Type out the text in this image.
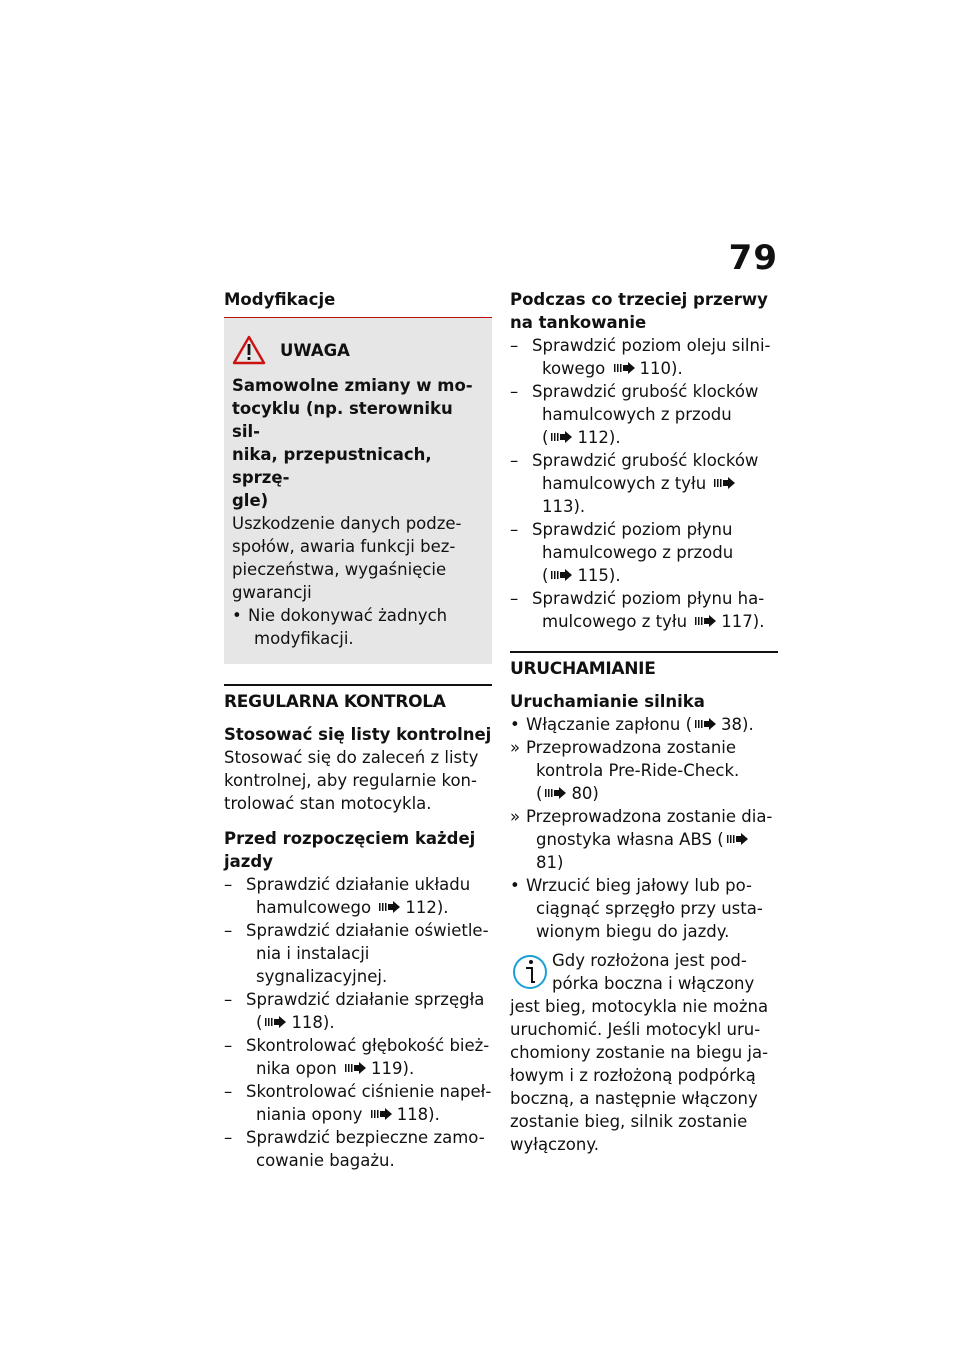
79
Modyfikacje
UWAGA
Samowolne zmiany w mo-
tocyklu (np. sterowniku sil-
nika, przepustnicach, sprzę-
gle)
Uszkodzenie danych podze-
społów, awaria funkcji bez-
pieczeństwa, wygaśnięcie
gwarancji
• Nie dokonywać żadnych
modyfikacji.
REGULARNA KONTROLA
Stosować się listy kontrolnej

Stosować się do zaleceń z listy
kontrolnej, aby regularnie kon-
trolować stan motocykla.

Przed rozpoczęciem każdej
jazdy
– Sprawdzić działanie układu
hamulcowego 112).
– Sprawdzić działanie oświetle-
nia i instalacji sygnalizacyjnej.
– Sprawdzić działanie sprzęgła
( 118).
– Skontrolować głębokość bież-
nika opon 119).
– Skontrolować ciśnienie napeł-
niania opony 118).
– Sprawdzić bezpieczne zamo-
cowanie bagażu.
Podczas co trzeciej przerwy
na tankowanie
– Sprawdzić poziom oleju silni-
kowego 110).
– Sprawdzić grubość klocków
hamulcowych z przodu
( 112).
– Sprawdzić grubość klocków
hamulcowych z tyłu 113).
– Sprawdzić poziom płynu
hamulcowego z przodu
( 115).
– Sprawdzić poziom płynu ha-
mulcowego z tyłu 117).
URUCHAMIANIE
Uruchamianie silnika
• Włączanie zapłonu ( 38).
» Przeprowadzona zostanie
kontrola Pre-Ride-Check.
( 80)
» Przeprowadzona zostanie dia-
gnostyka własna ABS (81)
• Wrzucić bieg jałowy lub po-
ciągnąć sprzęgło przy usta-
wionym biegu do jazdy.
Gdy rozłożona jest pod-
pórka boczna i włączony
jest bieg, motocykla nie można
uruchomić. Jeśli motocykl uru-
chomiony zostanie na biegu ja-
łowym i z rozłożoną podpórką
boczną, a następnie włączony
zostanie bieg, silnik zostanie
wyłączony.
